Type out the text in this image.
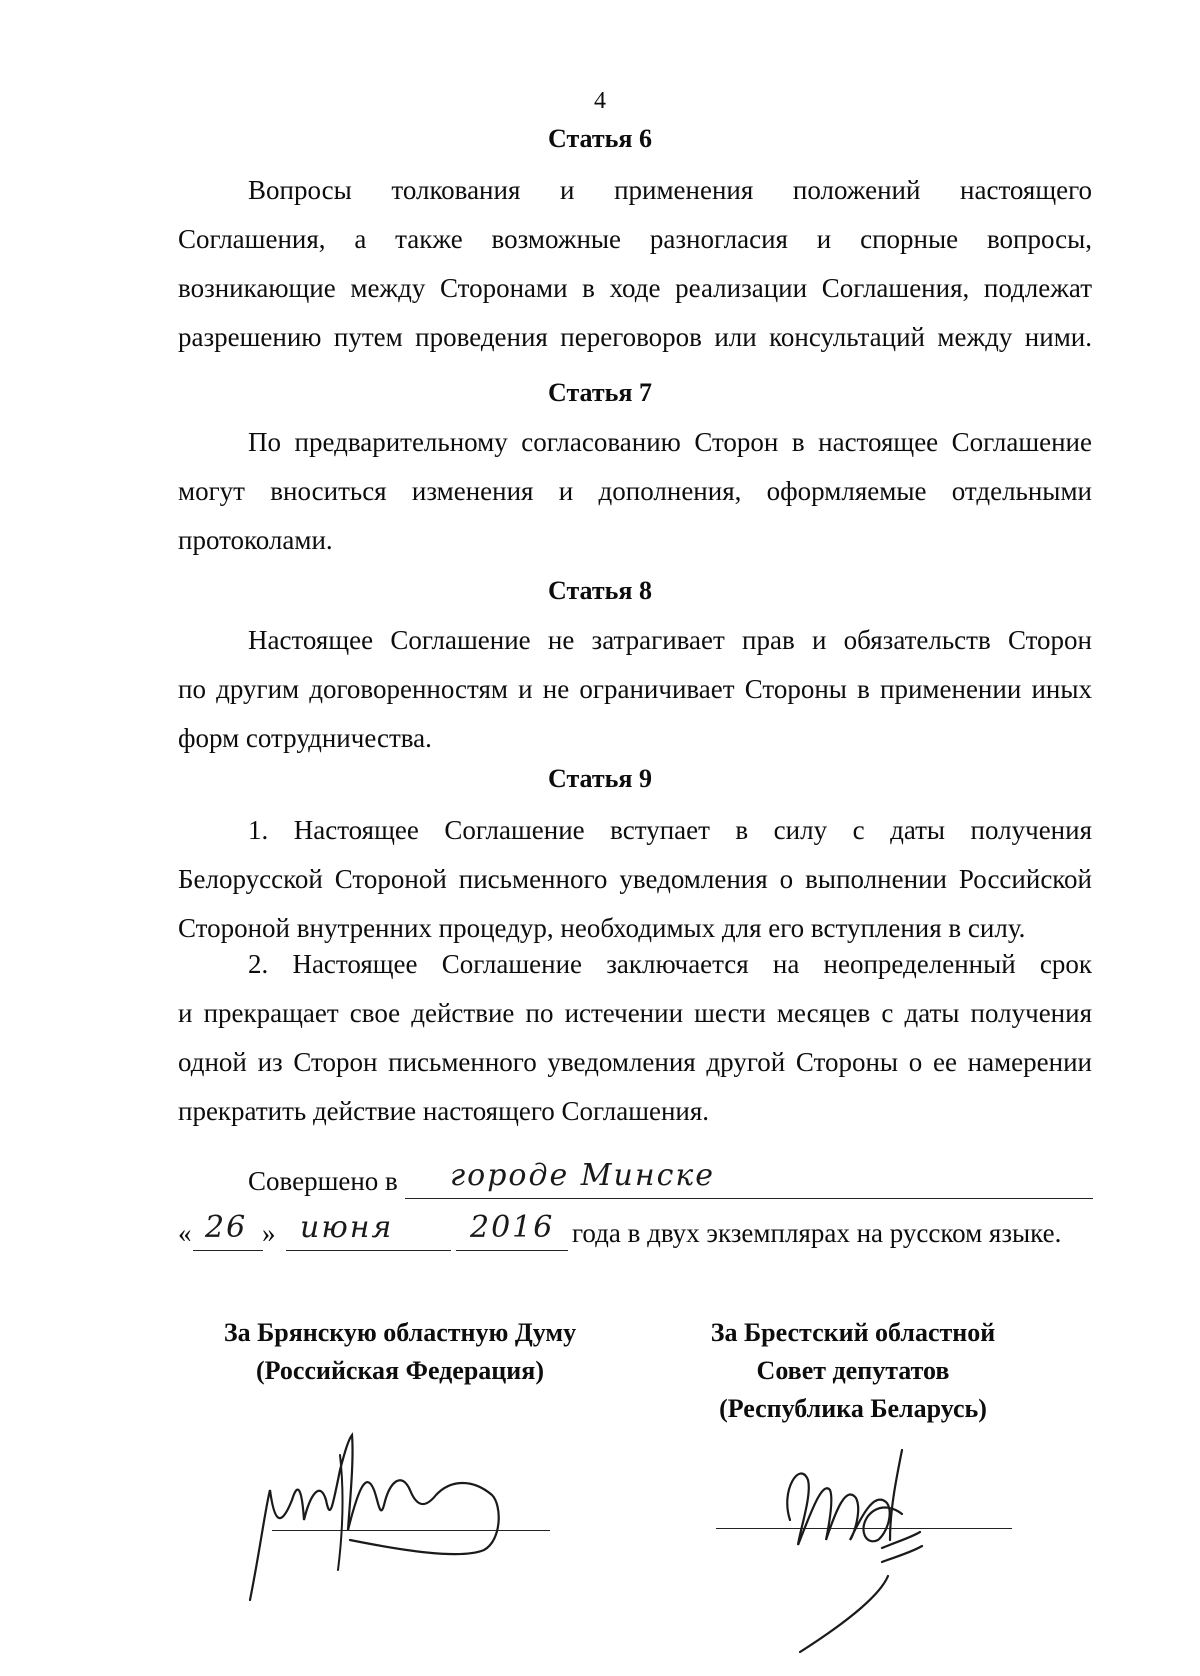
4
Статья 6
Вопросы толкования и применения положений настоящего
Соглашения, а также возможные разногласия и спорные вопросы,
возникающие между Сторонами в ходе реализации Соглашения, подлежат
разрешению путем проведения переговоров или консультаций между ними.
Статья 7
По предварительному согласованию Сторон в настоящее Соглашение
могут вноситься изменения и дополнения, оформляемые отдельными
протоколами.
Статья 8
Настоящее Соглашение не затрагивает прав и обязательств Сторон
по другим договоренностям и не ограничивает Стороны в применении иных
форм сотрудничества.
Статья 9
1. Настоящее Соглашение вступает в силу с даты получения
Белорусской Стороной письменного уведомления о выполнении Российской
Стороной внутренних процедур, необходимых для его вступления в силу.
2. Настоящее Соглашение заключается на неопределенный срок
и прекращает свое действие по истечении шести месяцев с даты получения
одной из Сторон письменного уведомления другой Стороны о ее намерении
прекратить действие настоящего Соглашения.
Совершено в	городе Минске
« 26 » июня	2016 года в двух экземплярах на русском языке.
За Брянскую областную Думу
(Российская Федерация)
За Брестский областной
Совет депутатов
(Республика Беларусь)
